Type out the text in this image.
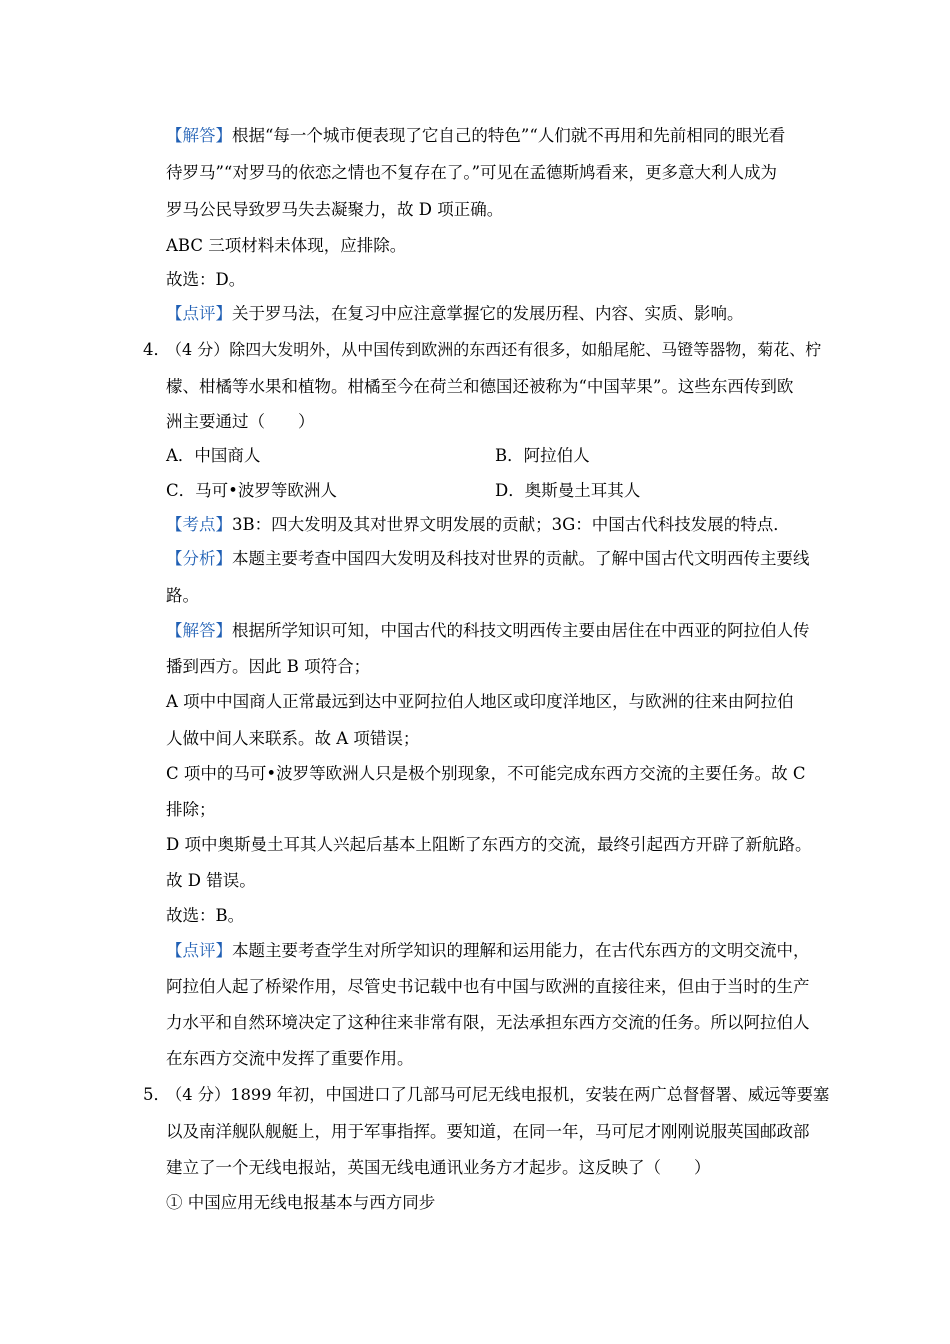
【解答】根据“每一个城市便表现了它自己的特色”“人们就不再用和先前相同的眼光看
待罗马”“对罗马的依恋之情也不复存在了。”可见在孟德斯鸠看来，更多意大利人成为
罗马公民导致罗马失去凝聚力，故 D 项正确。
ABC 三项材料未体现，应排除。
故选：D。
【点评】关于罗马法，在复习中应注意掌握它的发展历程、内容、实质、影响。
4．
（4 分）除四大发明外，从中国传到欧洲的东西还有很多，如船尾舵、马镫等器物，菊花、柠
檬、柑橘等水果和植物。柑橘至今在荷兰和德国还被称为“中国苹果”。这些东西传到欧
洲主要通过（　　）
A．中国商人	B．阿拉伯人
C．马可•波罗等欧洲人	D．奥斯曼土耳其人
【考点】3B：四大发明及其对世界文明发展的贡献；3G：中国古代科技发展的特点．
【分析】本题主要考查中国四大发明及科技对世界的贡献。了解中国古代文明西传主要线
路。
【解答】根据所学知识可知，中国古代的科技文明西传主要由居住在中西亚的阿拉伯人传
播到西方。因此 B 项符合；
A 项中中国商人正常最远到达中亚阿拉伯人地区或印度洋地区，与欧洲的往来由阿拉伯
人做中间人来联系。故 A 项错误；
C 项中的马可•波罗等欧洲人只是极个别现象，不可能完成东西方交流的主要任务。故 C
排除；
D 项中奥斯曼土耳其人兴起后基本上阻断了东西方的交流，最终引起西方开辟了新航路。
故 D 错误。
故选：B。
【点评】本题主要考查学生对所学知识的理解和运用能力，在古代东西方的文明交流中，
阿拉伯人起了桥梁作用，尽管史书记载中也有中国与欧洲的直接往来，但由于当时的生产
力水平和自然环境决定了这种往来非常有限，无法承担东西方交流的任务。所以阿拉伯人
在东西方交流中发挥了重要作用。
5．
（4 分）1899 年初，中国进口了几部马可尼无线电报机，安装在两广总督督署、威远等要塞
以及南洋舰队舰艇上，用于军事指挥。要知道，在同一年，马可尼才刚刚说服英国邮政部
建立了一个无线电报站，英国无线电通讯业务方才起步。这反映了（　　）
① 中国应用无线电报基本与西方同步
